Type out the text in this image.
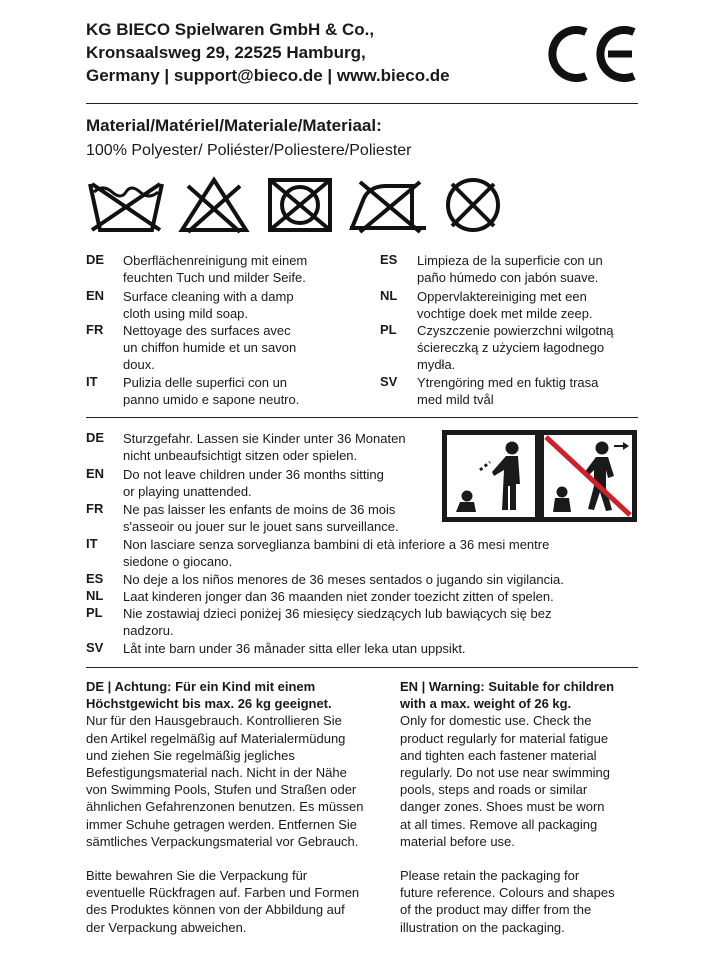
KG BIECO Spielwaren GmbH & Co.,
Kronsaalsweg 29, 22525 Hamburg,
Germany | support@bieco.de | www.bieco.de
Material/Matériel/Materiale/Materiaal:
100% Polyester/ Poliéster/Poliestere/Poliester
DE	Oberflächenreinigung mit einem
feuchten Tuch und milder Seife.
EN	Surface cleaning with a damp
cloth using mild soap.
FR	Nettoyage des surfaces avec
un chiffon humide et un savon
doux.
IT	Pulizia delle superfici con un
panno umido e sapone neutro.
ES	Limpieza de la superficie con un
paño húmedo con jabón suave.
NL	Oppervlaktereiniging met een
vochtige doek met milde zeep.
PL	Czyszczenie powierzchni wilgotną
ściereczką z użyciem łagodnego
mydła.
SV	Ytrengöring med en fuktig trasa
med mild tvål
DE	Sturzgefahr. Lassen sie Kinder unter 36 Monaten
nicht unbeaufsichtigt sitzen oder spielen.
EN	Do not leave children under 36 months sitting
or playing unattended.
FR	Ne pas laisser les enfants de moins de 36 mois
s'asseoir ou jouer sur le jouet sans surveillance.
IT	Non lasciare senza sorveglianza bambini di età inferiore a 36 mesi mentre
siedone o giocano.
ES	No deje a los niños menores de 36 meses sentados o jugando sin vigilancia.
NL	Laat kinderen jonger dan 36 maanden niet zonder toezicht zitten of spelen.
PL	Nie zostawiaj dzieci poniżej 36 miesięcy siedzących lub bawiących się bez
nadzoru.
SV	Låt inte barn under 36 månader sitta eller leka utan uppsikt.
DE | Achtung: Für ein Kind mit einem
Höchstgewicht bis max. 26 kg geeignet.

Nur für den Hausgebrauch. Kontrollieren Sie

den Artikel regelmäßig auf Materialermüdung

und ziehen Sie regelmäßig jegliches

Befestigungsmaterial nach. Nicht in der Nähe

von Swimming Pools, Stufen und Straßen oder

ähnlichen Gefahrenzonen benutzen. Es müssen

immer Schuhe getragen werden. Entfernen Sie

sämtliches Verpackungsmaterial vor Gebrauch.

Bitte bewahren Sie die Verpackung für

eventuelle Rückfragen auf. Farben und Formen

des Produktes können von der Abbildung auf

der Verpackung abweichen.

EN | Warning: Suitable for children
with a max. weight of 26 kg.

Only for domestic use. Check the

product regularly for material fatigue

and tighten each fastener material

regularly. Do not use near swimming

pools, steps and roads or similar

danger zones. Shoes must be worn

at all times. Remove all packaging

material before use.

Please retain the packaging for

future reference. Colours and shapes

of the product may differ from the

illustration on the packaging.
